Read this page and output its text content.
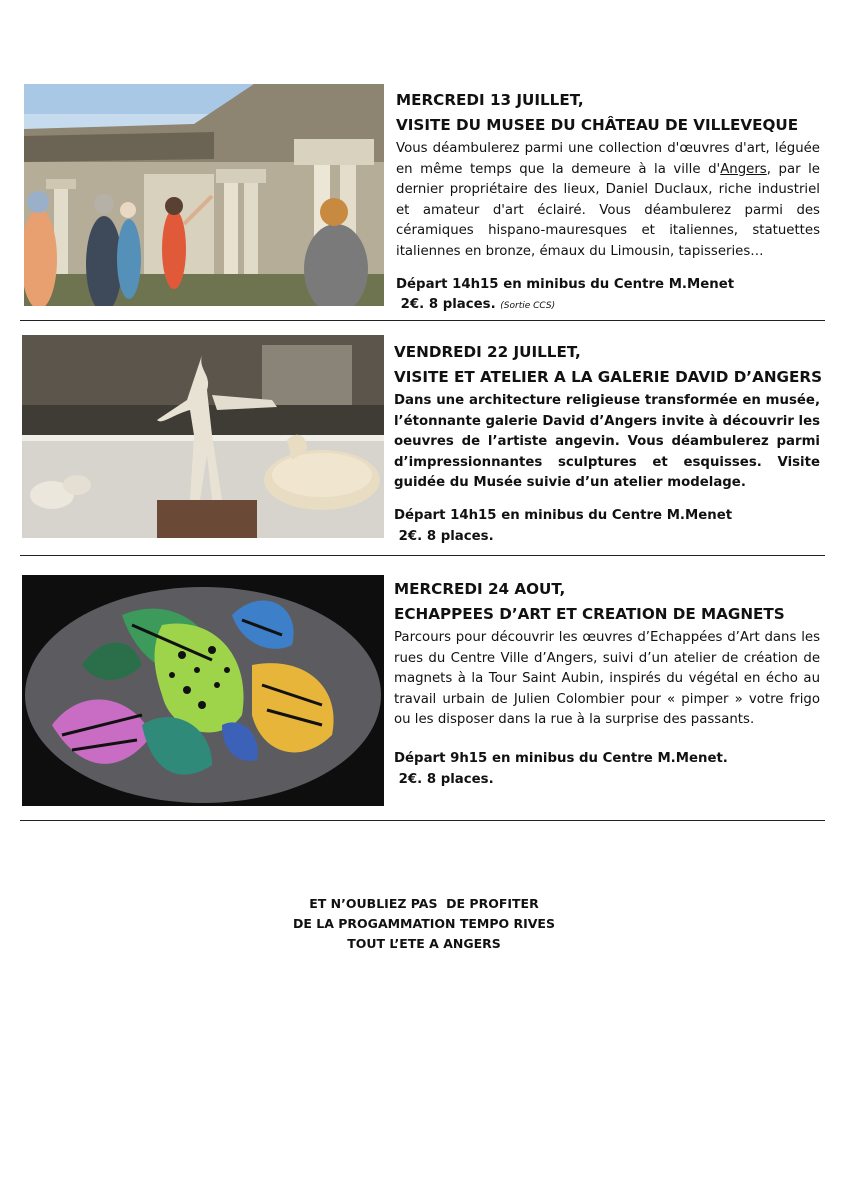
MERCREDI 13 JUILLET,
VISITE DU MUSEE DU CHÂTEAU DE VILLEVEQUE
Vous déambulerez parmi une collection d'œuvres d'art, léguée en même temps que la demeure à la ville d'Angers, par le dernier propriétaire des lieux, Daniel Duclaux, riche industriel et amateur d'art éclairé. Vous déambulerez parmi des céramiques hispano-mauresques et italiennes, statuettes italiennes en bronze, émaux du Limousin, tapisseries…
Départ 14h15 en minibus du Centre M.Menet
2€. 8 places. (Sortie CCS)
VENDREDI 22 JUILLET,
VISITE ET ATELIER A LA GALERIE DAVID D’ANGERS
Dans une architecture religieuse transformée en musée, l’étonnante galerie David d’Angers invite à découvrir les oeuvres de l’artiste angevin. Vous déambulerez parmi d’impressionnantes sculptures et esquisses. Visite guidée du Musée suivie d’un atelier modelage.
Départ 14h15 en minibus du Centre M.Menet
2€. 8 places.
MERCREDI 24 AOUT,
ECHAPPEES D’ART ET CREATION DE MAGNETS
Parcours pour découvrir les œuvres d’Echappées d’Art dans les rues du Centre Ville d’Angers, suivi d’un atelier de création de magnets à la Tour Saint Aubin, inspirés du végétal en écho au travail urbain de Julien Colombier pour « pimper » votre frigo ou les disposer dans la rue à la surprise des passants.
Départ 9h15 en minibus du Centre M.Menet.
2€. 8 places.
ET N’OUBLIEZ PAS  DE PROFITER
DE LA PROGAMMATION TEMPO RIVES
TOUT L’ETE A ANGERS
